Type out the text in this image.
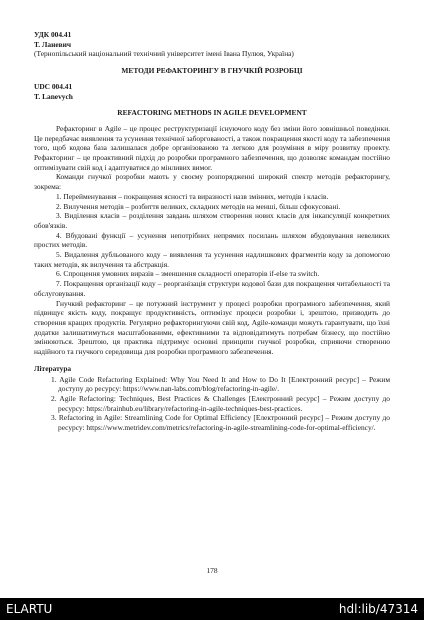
УДК 004.41
Т. Ланевич
(Тернопільський національний технічний університет імені Івана Пулюя, Україна)
МЕТОДИ РЕФАКТОРИНГУ В ГНУЧКІЙ РОЗРОБЦІ
UDC 004.41
T. Lanevych
REFACTORING METHODS IN AGILE DEVELOPMENT

Рефакторинг в Agile – це процес реструктуризації існуючого коду без зміни його зовнішньої поведінки. Це передбачає виявлення та усунення технічної заборгованості, а також покращення якості коду та забезпечення того, щоб кодова база залишалася добре організованою та легкою для розуміння в міру розвитку проекту. Рефакторинг – це проактивний підхід до розробки програмного забезпечення, що дозволяє командам постійно оптимізувати свій код і адаптуватися до мінливих вимог.

Команди гнучкої розробки мають у своєму розпорядженні широкий спектр методів рефакторингу, зокрема:

1. Перейменування – покращення ясності та виразності назв змінних, методів і класів.

2. Вилучення методів – розбиття великих, складних методів на менші, більш сфокусовані.

3. Виділення класів – розділення завдань шляхом створення нових класів для інкапсуляції конкретних обов'язків.

4. Вбудовані функції – усунення непотрібних непрямих посилань шляхом вбудовування невеликих простих методів.

5. Видалення дубльованого коду – виявлення та усунення надлишкових фрагментів коду за допомогою таких методів, як вилучення та абстракція.

6. Спрощення умовних виразів – зменшення складності операторів if-else та switch.

7. Покращення організації коду – реорганізація структури кодової бази для покращення читабельності та обслуговування.

Гнучкий рефакторинг – це потужний інструмент у процесі розробки програмного забезпечення, який підвищує якість коду, покращує продуктивність, оптимізує процеси розробки і, зрештою, призводить до створення кращих продуктів. Регулярно рефакторингуючи свій код, Agile-команди можуть гарантувати, що їхні додатки залишатимуться масштабованими, ефективними та відповідатимуть потребам бізнесу, що постійно змінюються. Зрештою, ця практика підтримує основні принципи гнучкої розробки, сприяючи створенню надійного та гнучкого середовища для розробки програмного забезпечення.

Література
1. Agile Code Refactoring Explained: Why You Need It and How to Do It [Електронний ресурс] – Режим доступу до ресурсу: https://www.nan-labs.com/blog/refactoring-in-agile/.
2. Agile Refactoring: Techniques, Best Practices & Challenges [Електронний ресурс] – Режим доступу до ресурсу: https://brainhub.eu/library/refactoring-in-agile-techniques-best-practices.
3. Refactoring in Agile: Streamlining Code for Optimal Efficiency [Електронний ресурс] – Режим доступу до ресурсу: https://www.metridev.com/metrics/refactoring-in-agile-streamlining-code-for-optimal-efficiency/.
178
ELARTU	hdl:lib/47314
